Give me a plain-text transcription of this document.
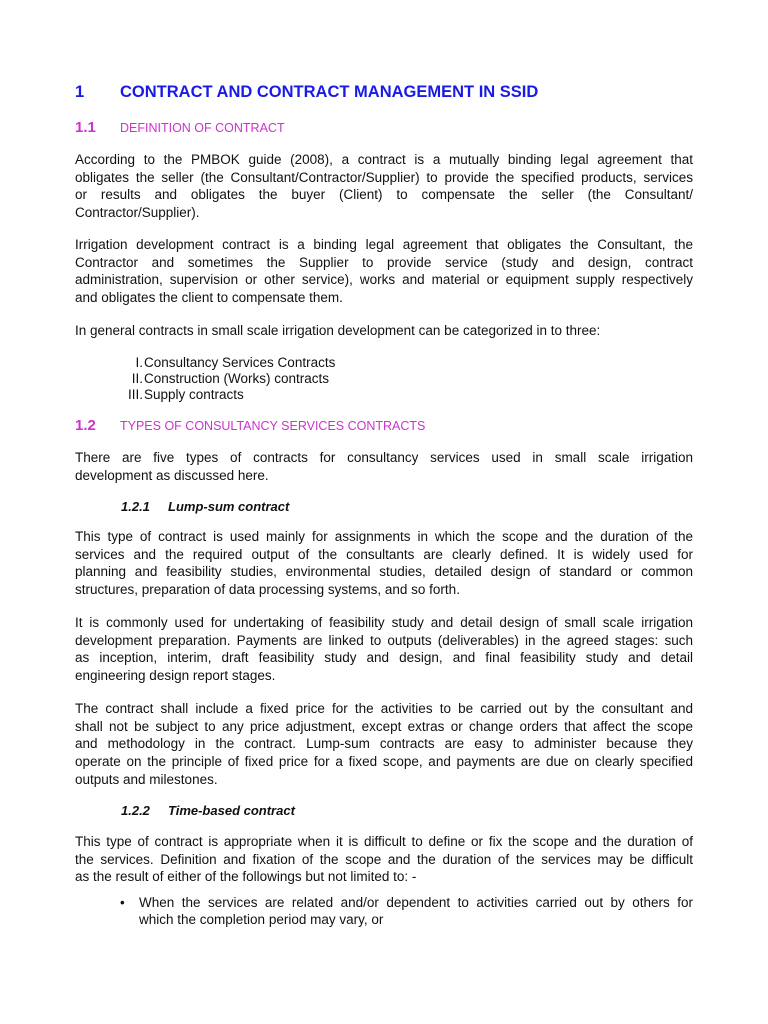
1 CONTRACT AND CONTRACT MANAGEMENT IN SSID
1.1 DEFINITION OF CONTRACT
According to the PMBOK guide (2008), a contract is a mutually binding legal agreement that
obligates the seller (the Consultant/Contractor/Supplier) to provide the specified products, services
or results and obligates the buyer (Client) to compensate the seller (the Consultant/
Contractor/Supplier).
Irrigation development contract is a binding legal agreement that obligates the Consultant, the
Contractor and sometimes the Supplier to provide service (study and design, contract
administration, supervision or other service), works and material or equipment supply respectively
and obligates the client to compensate them.
In general contracts in small scale irrigation development can be categorized in to three:
I. Consultancy Services Contracts
II. Construction (Works) contracts
III. Supply contracts
1.2 TYPES OF CONSULTANCY SERVICES CONTRACTS
There are five types of contracts for consultancy services used in small scale irrigation
development as discussed here.
1.2.1 Lump-sum contract
This type of contract is used mainly for assignments in which the scope and the duration of the
services and the required output of the consultants are clearly defined. It is widely used for
planning and feasibility studies, environmental studies, detailed design of standard or common
structures, preparation of data processing systems, and so forth.
It is commonly used for undertaking of feasibility study and detail design of small scale irrigation
development preparation. Payments are linked to outputs (deliverables) in the agreed stages: such
as inception, interim, draft feasibility study and design, and final feasibility study and detail
engineering design report stages.
The contract shall include a fixed price for the activities to be carried out by the consultant and
shall not be subject to any price adjustment, except extras or change orders that affect the scope
and methodology in the contract. Lump-sum contracts are easy to administer because they
operate on the principle of fixed price for a fixed scope, and payments are due on clearly specified
outputs and milestones.
1.2.2 Time-based contract
This type of contract is appropriate when it is difficult to define or fix the scope and the duration of
the services. Definition and fixation of the scope and the duration of the services may be difficult
as the result of either of the followings but not limited to: -
• When the services are related and/or dependent to activities carried out by others for
which the completion period may vary, or
